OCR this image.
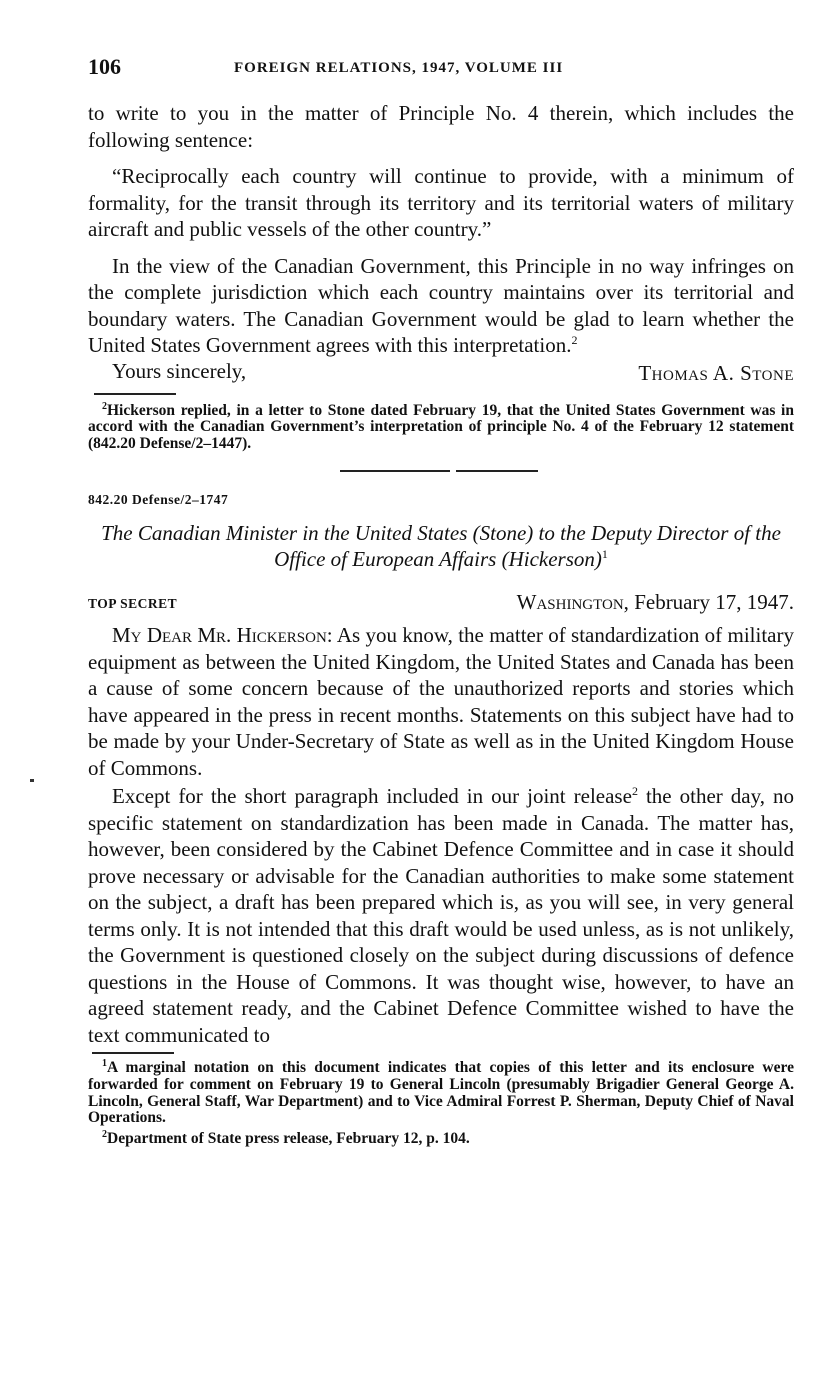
106	FOREIGN RELATIONS, 1947, VOLUME III

to write to you in the matter of Principle No. 4 therein, which includes the following sentence:

“Reciprocally each country will continue to provide, with a minimum of formality, for the transit through its territory and its territorial waters of military aircraft and public vessels of the other country.”

In the view of the Canadian Government, this Principle in no way infringes on the complete jurisdiction which each country maintains over its territorial and boundary waters. The Canadian Government would be glad to learn whether the United States Government agrees with this interpretation.$^2$

Yours sincerely,	Thomas A. Stone

$^2$Hickerson replied, in a letter to Stone dated February 19, that the United States Government was in accord with the Canadian Government’s interpretation of principle No. 4 of the February 12 statement (842.20 Defense/2–1447).

842.20 Defense/2–1747
The Canadian Minister in the United States (Stone) to the Deputy Director of the Office of European Affairs (Hickerson)$^1$
TOP SECRET	Washington, February 17, 1947.

My Dear Mr. Hickerson: As you know, the matter of standardization of military equipment as between the United Kingdom, the United States and Canada has been a cause of some concern because of the unauthorized reports and stories which have appeared in the press in recent months. Statements on this subject have had to be made by your Under-Secretary of State as well as in the United Kingdom House of Commons.

Except for the short paragraph included in our joint release$^2$ the other day, no specific statement on standardization has been made in Canada. The matter has, however, been considered by the Cabinet Defence Committee and in case it should prove necessary or advisable for the Canadian authorities to make some statement on the subject, a draft has been prepared which is, as you will see, in very general terms only. It is not intended that this draft would be used unless, as is not unlikely, the Government is questioned closely on the subject during discussions of defence questions in the House of Commons. It was thought wise, however, to have an agreed statement ready, and the Cabinet Defence Committee wished to have the text communicated to

$^1$A marginal notation on this document indicates that copies of this letter and its enclosure were forwarded for comment on February 19 to General Lincoln (presumably Brigadier General George A. Lincoln, General Staff, War Department) and to Vice Admiral Forrest P. Sherman, Deputy Chief of Naval Operations.

$^2$Department of State press release, February 12, p. 104.
